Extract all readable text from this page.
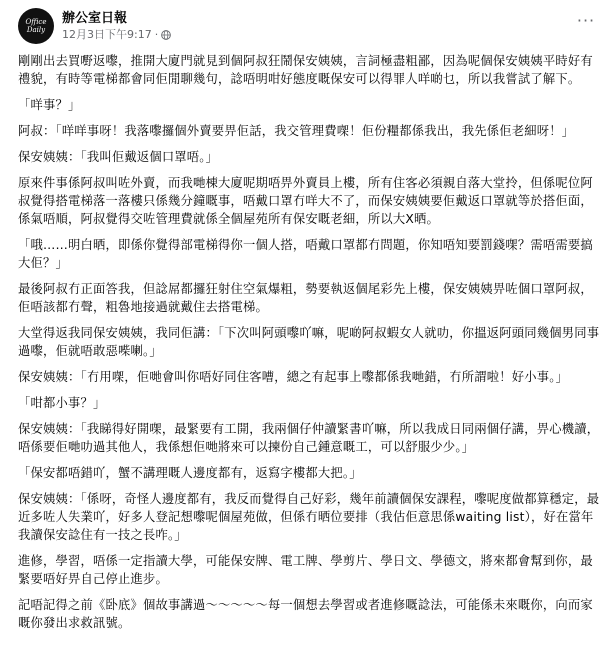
Office Daily
辦公室日報
12月3日下午9:17 ·
···

剛剛出去買嘢返嚟，推開大廈門就見到個阿叔狂鬧保安姨姨，言詞極盡粗鄙，因為呢個保安姨姨平時好有禮貌，有時等電梯都會同佢閒聊幾句，諗唔明咁好態度嘅保安可以得罪人咩啲乜，所以我嘗試了解下。

「咩事？」

阿叔：「咩咩事呀！我落嚟攞個外賣要畀佢話，我交管理費㗎！佢份糧都係我出，我先係佢老細呀！」

保安姨姨：「我叫佢戴返個口罩唔。」

原來件事係阿叔叫咗外賣，而我哋棟大廈呢期唔畀外賣員上樓，所有住客必須親自落大堂拎，但係呢位阿叔覺得搭電梯落一落樓只係幾分鐘嘅事，唔戴口罩冇咩大不了，而保安姨姨要佢戴返口罩就等於搭佢面，係氣唔順，阿叔覺得交咗管理費就係全個屋苑所有保安嘅老細，所以大X晒。

「哦……明白晒，即係你覺得部電梯得你一個人搭，唔戴口罩都冇問題，你知唔知要罰錢㗎？需唔需要搞大佢？」

最後阿叔冇正面答我，但諗屌都攞狂射住空氣爆粗，勢要執返個尾彩先上樓，保安姨姨畀咗個口罩阿叔，佢唔該都冇聲，粗魯地接過就戴住去搭電梯。

大堂得返我同保安姨姨，我同佢講：「下次叫阿頭嚟吖嘛，呢啲阿叔蝦女人就叻，你搵返阿頭同幾個男同事過嚟，佢就唔敢惡喍喇。」

保安姨姨：「冇用㗎，佢哋會叫你唔好同住客嘈，總之有起事上嚟都係我哋錯，冇所謂啦！好小事。」

「咁都小事？」

保安姨姨：「我睇得好開㗎，最緊要有工開，我兩個仔仲讀緊書吖嘛，所以我成日同兩個仔講，畀心機讀，唔係要佢哋叻過其他人，我係想佢哋將來可以揀份自己鍾意嘅工，可以舒服少少。」

「保安都唔錯吖，蟹不講理嘅人邊度都有，返寫字樓都大把。」

保安姨姨：「係呀，奇怪人邊度都有，我反而覺得自己好彩，幾年前讀個保安課程，嚟呢度做都算穩定，最近多咗人失業吖，好多人登記想嚟呢個屋苑做，但係冇晒位要排（我估佢意思係waiting list），好在當年我讀保安諗住有一技之長咋。」

進修，學習，唔係一定指讀大學，可能保安牌、電工牌、學剪片、學日文、學德文，將來都會幫到你，最緊要唔好畀自己停止進步。

記唔記得之前《卧底》個故事講過～～～～～每一個想去學習或者進修嘅諗法，可能係未來嘅你，向而家嘅你發出求救訊號。
